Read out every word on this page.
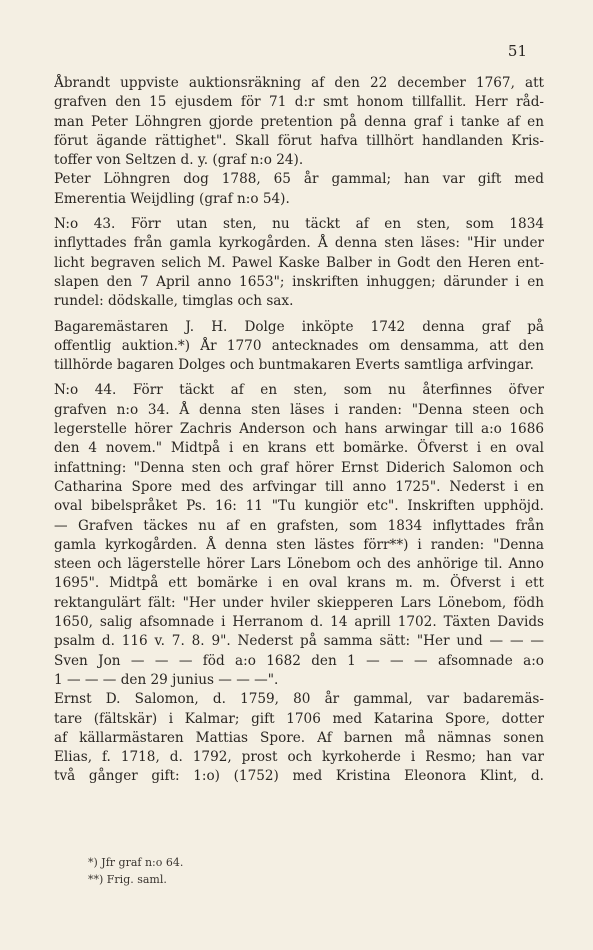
51
Åbrandt uppviste auktionsräkning af den 22 december 1767, att
grafven den 15 ejusdem för 71 d:r smt honom tillfallit. Herr råd-
man Peter Löhngren gjorde pretention på denna graf i tanke af en
förut ägande rättighet". Skall förut hafva tillhört handlanden Kris-
toffer von Seltzen d. y. (graf n:o 24).
Peter Löhngren dog 1788, 65 år gammal; han var gift med
Emerentia Weijdling (graf n:o 54).
N:o 43. Förr utan sten, nu täckt af en sten, som 1834
inflyttades från gamla kyrkogården. Å denna sten läses: "Hir under
licht begraven selich M. Pawel Kaske Balber in Godt den Heren ent-
slapen den 7 April anno 1653"; inskriften inhuggen; därunder i en
rundel: dödskalle, timglas och sax.
Bagaremästaren J. H. Dolge inköpte 1742 denna graf på
offentlig auktion.*) År 1770 antecknades om densamma, att den
tillhörde bagaren Dolges och buntmakaren Everts samtliga arfvingar.
N:o 44. Förr täckt af en sten, som nu återfinnes öfver
grafven n:o 34. Å denna sten läses i randen: "Denna steen och
legerstelle hörer Zachris Anderson och hans arwingar till a:o 1686
den 4 novem." Midtpå i en krans ett bomärke. Öfverst i en oval
infattning: "Denna sten och graf hörer Ernst Diderich Salomon och
Catharina Spore med des arfvingar till anno 1725". Nederst i en
oval bibelspråket Ps. 16: 11 "Tu kungiör etc". Inskriften upphöjd.
— Grafven täckes nu af en grafsten, som 1834 inflyttades från
gamla kyrkogården. Å denna sten lästes förr**) i randen: "Denna
steen och lägerstelle hörer Lars Lönebom och des anhörige til. Anno
1695". Midtpå ett bomärke i en oval krans m. m. Öfverst i ett
rektangulärt fält: "Her under hviler skiepperen Lars Lönebom, födh
1650, salig afsomnade i Herranom d. 14 aprill 1702. Täxten Davids
psalm d. 116 v. 7. 8. 9". Nederst på samma sätt: "Her und — — —
Sven Jon — — — föd a:o 1682 den 1 — — — afsomnade a:o
1 — — — den 29 junius — — —".
Ernst D. Salomon, d. 1759, 80 år gammal, var badaremäs-
tare (fältskär) i Kalmar; gift 1706 med Katarina Spore, dotter
af källarmästaren Mattias Spore. Af barnen må nämnas sonen
Elias, f. 1718, d. 1792, prost och kyrkoherde i Resmo; han var
två gånger gift: 1:o) (1752) med Kristina Eleonora Klint, d.
*) Jfr graf n:o 64.
**) Frig. saml.
